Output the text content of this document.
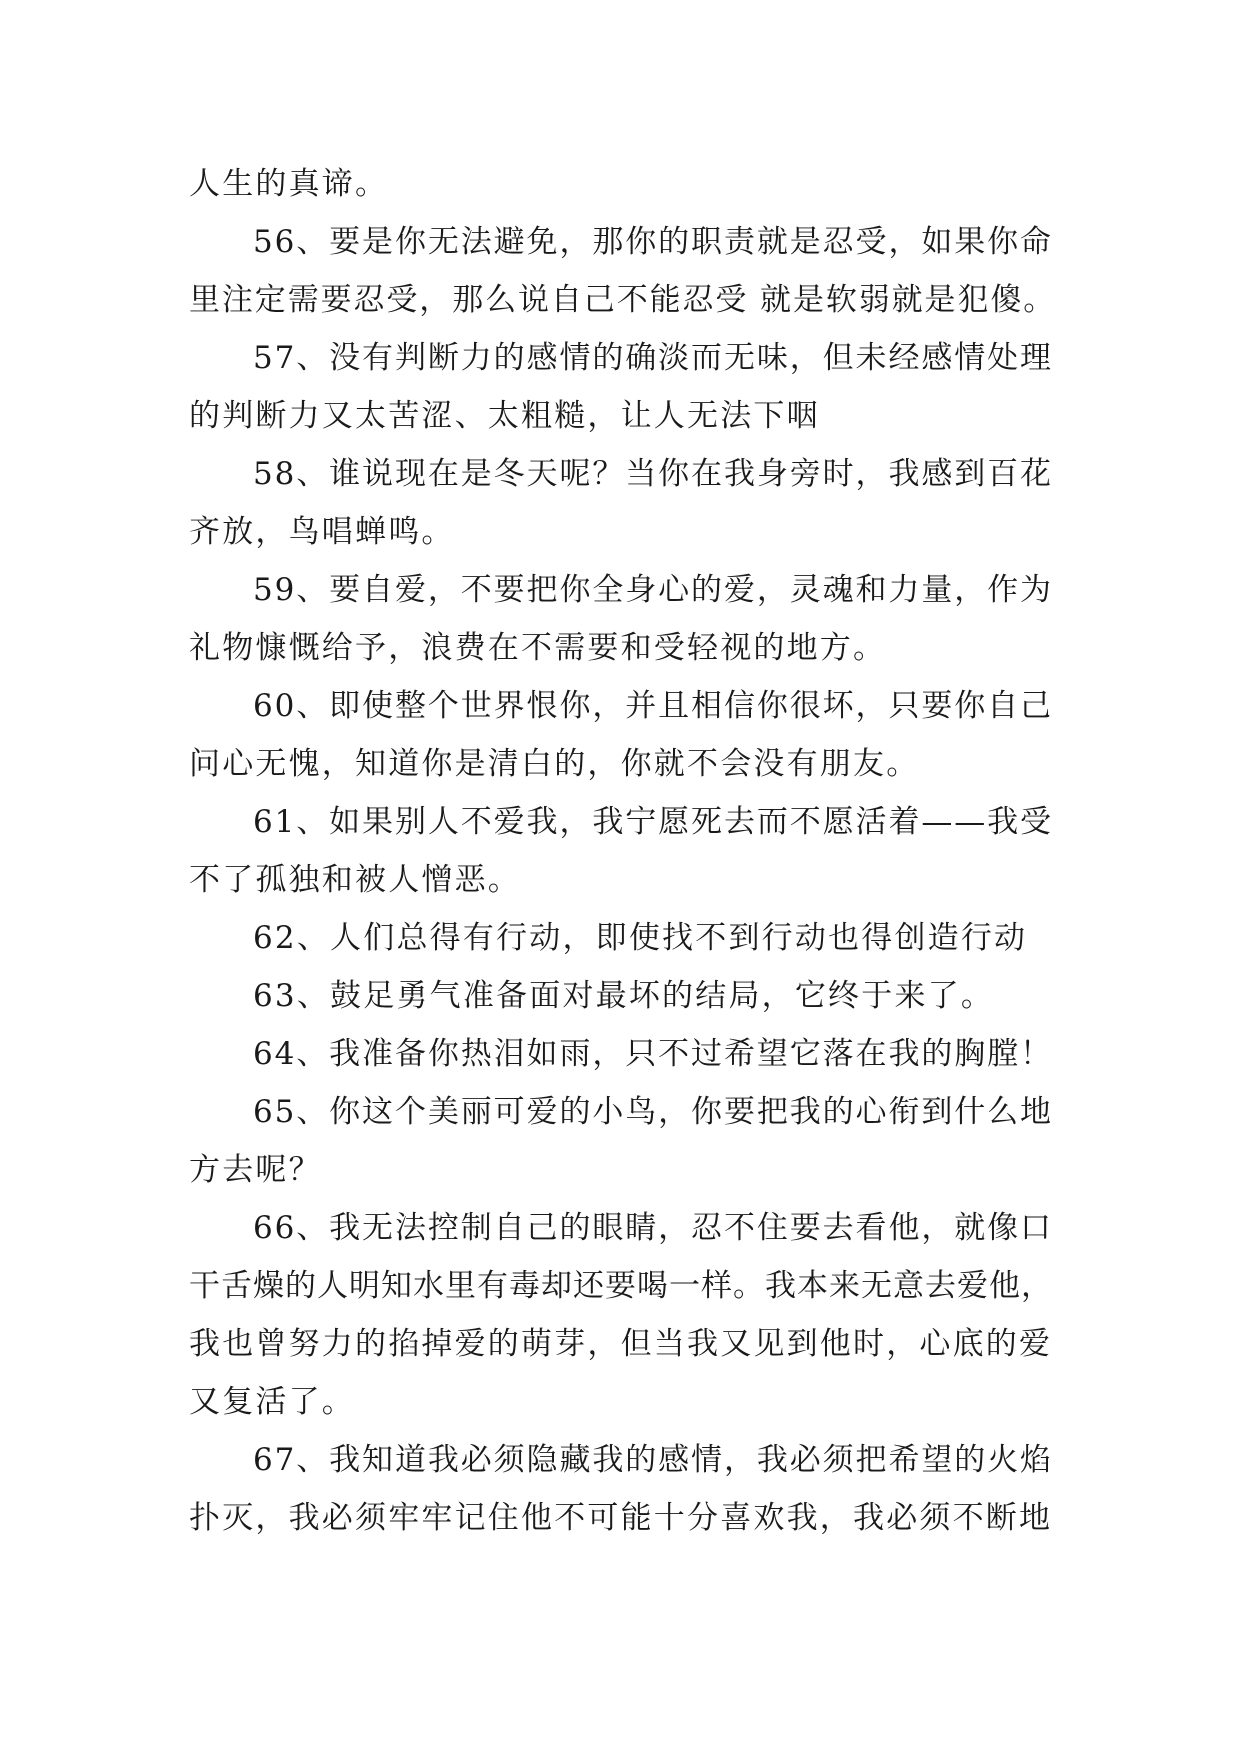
人生的真谛。
56、要是你无法避免，那你的职责就是忍受，如果你命
里注定需要忍受，那么说自己不能忍受 就是软弱就是犯傻。
57、没有判断力的感情的确淡而无味，但未经感情处理
的判断力又太苦涩、太粗糙，让人无法下咽
58、谁说现在是冬天呢？当你在我身旁时，我感到百花
齐放，鸟唱蝉鸣。
59、要自爱，不要把你全身心的爱，灵魂和力量，作为
礼物慷慨给予，浪费在不需要和受轻视的地方。
60、即使整个世界恨你，并且相信你很坏，只要你自己
问心无愧，知道你是清白的，你就不会没有朋友。
61、如果别人不爱我，我宁愿死去而不愿活着——我受
不了孤独和被人憎恶。
62、人们总得有行动，即使找不到行动也得创造行动
63、鼓足勇气准备面对最坏的结局，它终于来了。
64、我准备你热泪如雨，只不过希望它落在我的胸膛！
65、你这个美丽可爱的小鸟，你要把我的心衔到什么地
方去呢？
66、我无法控制自己的眼睛，忍不住要去看他，就像口
干舌燥的人明知水里有毒却还要喝一样。我本来无意去爱他，
我也曾努力的掐掉爱的萌芽，但当我又见到他时，心底的爱
又复活了。
67、我知道我必须隐藏我的感情，我必须把希望的火焰
扑灭，我必须牢牢记住他不可能十分喜欢我，我必须不断地
